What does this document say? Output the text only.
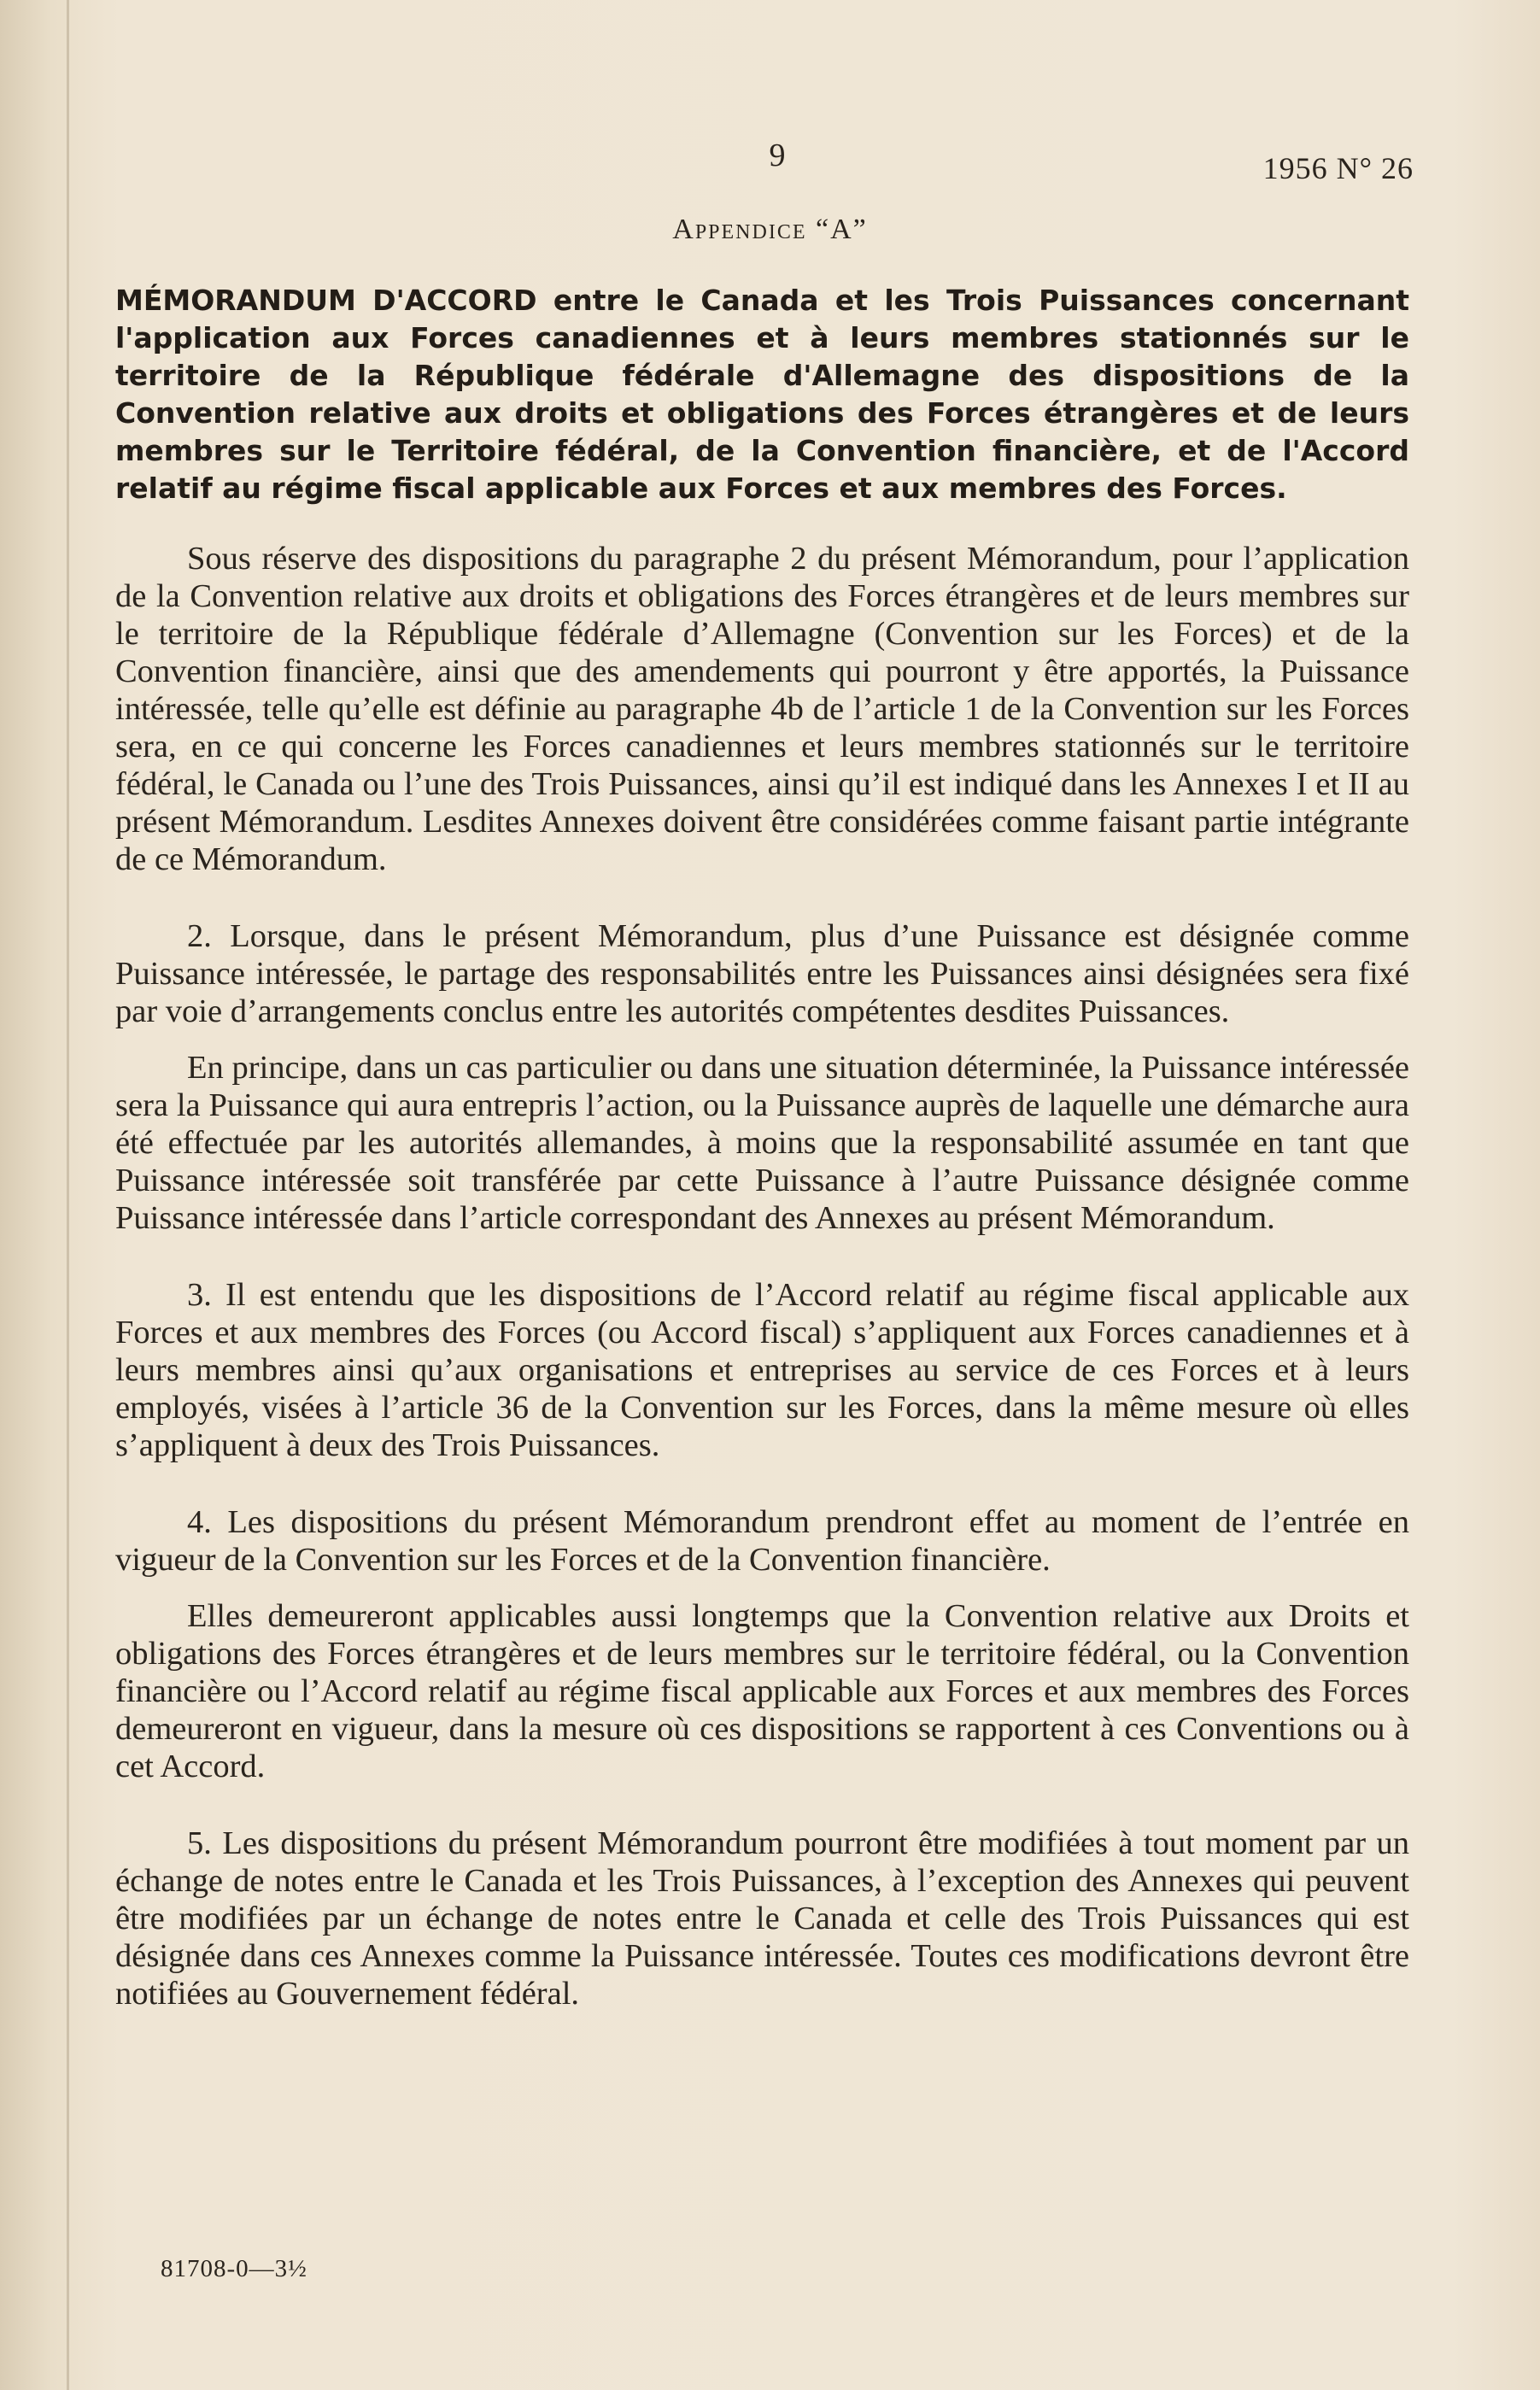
9	1956 N° 26
Appendice “A”

MÉMORANDUM D'ACCORD entre le Canada et les Trois Puissances concernant l'application aux Forces canadiennes et à leurs membres stationnés sur le territoire de la République fédérale d'Allemagne des dispositions de la Convention relative aux droits et obligations des Forces étrangères et de leurs membres sur le Territoire fédéral, de la Convention financière, et de l'Accord relatif au régime fiscal applicable aux Forces et aux membres des Forces.

Sous réserve des dispositions du paragraphe 2 du présent Mémorandum, pour l’application de la Convention relative aux droits et obligations des Forces étrangères et de leurs membres sur le territoire de la République fédérale d’Allemagne (Convention sur les Forces) et de la Convention financière, ainsi que des amendements qui pourront y être apportés, la Puissance intéressée, telle qu’elle est définie au paragraphe 4b de l’article 1 de la Convention sur les Forces sera, en ce qui concerne les Forces canadiennes et leurs membres stationnés sur le territoire fédéral, le Canada ou l’une des Trois Puissances, ainsi qu’il est indiqué dans les Annexes I et II au présent Mémorandum. Lesdites Annexes doivent être considérées comme faisant partie intégrante de ce Mémorandum.

2. Lorsque, dans le présent Mémorandum, plus d’une Puissance est désignée comme Puissance intéressée, le partage des responsabilités entre les Puissances ainsi désignées sera fixé par voie d’arrangements conclus entre les autorités compétentes desdites Puissances.

En principe, dans un cas particulier ou dans une situation déterminée, la Puissance intéressée sera la Puissance qui aura entrepris l’action, ou la Puissance auprès de laquelle une démarche aura été effectuée par les autorités allemandes, à moins que la responsabilité assumée en tant que Puissance intéressée soit transférée par cette Puissance à l’autre Puissance désignée comme Puissance intéressée dans l’article correspondant des Annexes au présent Mémorandum.

3. Il est entendu que les dispositions de l’Accord relatif au régime fiscal applicable aux Forces et aux membres des Forces (ou Accord fiscal) s’appliquent aux Forces canadiennes et à leurs membres ainsi qu’aux organisations et entreprises au service de ces Forces et à leurs employés, visées à l’article 36 de la Convention sur les Forces, dans la même mesure où elles s’appliquent à deux des Trois Puissances.

4. Les dispositions du présent Mémorandum prendront effet au moment de l’entrée en vigueur de la Convention sur les Forces et de la Convention financière.

Elles demeureront applicables aussi longtemps que la Convention relative aux Droits et obligations des Forces étrangères et de leurs membres sur le territoire fédéral, ou la Convention financière ou l’Accord relatif au régime fiscal applicable aux Forces et aux membres des Forces demeureront en vigueur, dans la mesure où ces dispositions se rapportent à ces Conventions ou à cet Accord.

5. Les dispositions du présent Mémorandum pourront être modifiées à tout moment par un échange de notes entre le Canada et les Trois Puissances, à l’exception des Annexes qui peuvent être modifiées par un échange de notes entre le Canada et celle des Trois Puissances qui est désignée dans ces Annexes comme la Puissance intéressée. Toutes ces modifications devront être notifiées au Gouvernement fédéral.

81708-0—3½
